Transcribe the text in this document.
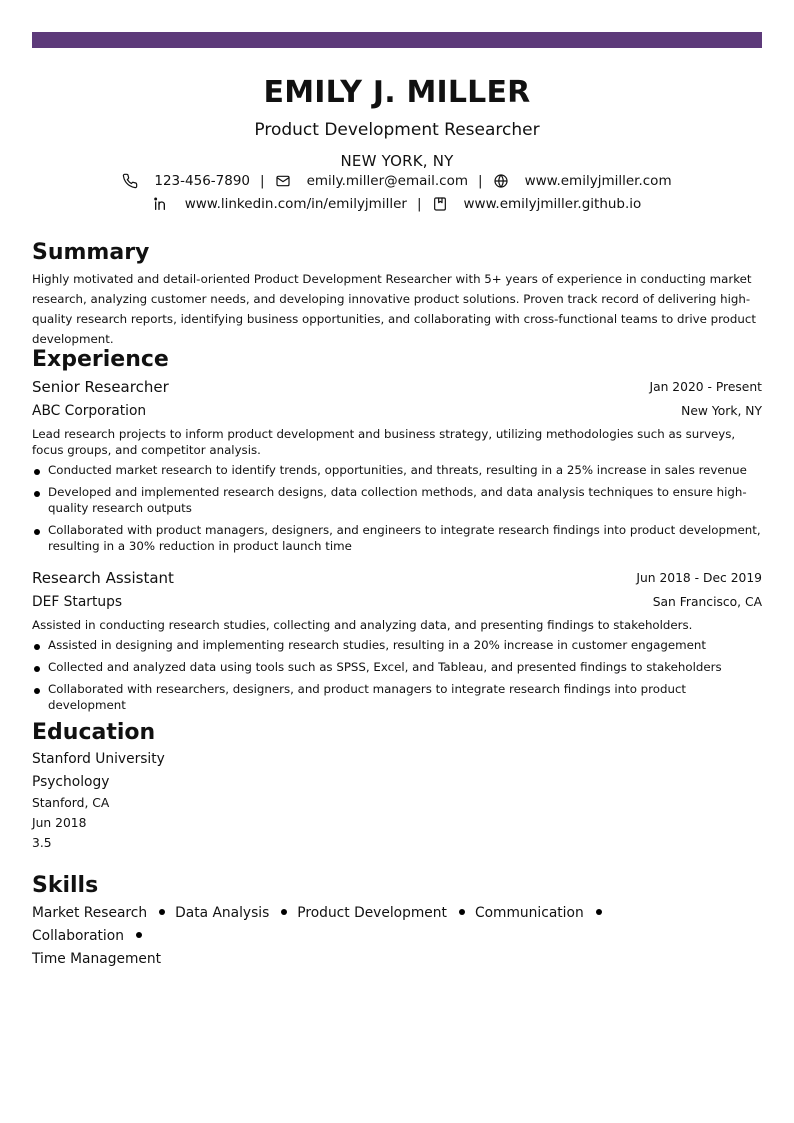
EMILY J. MILLER
Product Development Researcher
NEW YORK, NY
123-456-7890 |	emily.miller@email.com |	www.emilyjmiller.com
www.linkedin.com/in/emilyjmiller |	www.emilyjmiller.github.io
Summary
Highly motivated and detail-oriented Product Development Researcher with 5+ years of experience in conducting market research, analyzing customer needs, and developing innovative product solutions. Proven track record of delivering high-quality research reports, identifying business opportunities, and collaborating with cross-functional teams to drive product development.
Experience
Senior Researcher	Jan 2020 - Present
ABC Corporation	New York, NY
Lead research projects to inform product development and business strategy, utilizing methodologies such as surveys, focus groups, and competitor analysis.
Conducted market research to identify trends, opportunities, and threats, resulting in a 25% increase in sales revenue
Developed and implemented research designs, data collection methods, and data analysis techniques to ensure high-quality research outputs
Collaborated with product managers, designers, and engineers to integrate research findings into product development, resulting in a 30% reduction in product launch time
Research Assistant	Jun 2018 - Dec 2019
DEF Startups	San Francisco, CA
Assisted in conducting research studies, collecting and analyzing data, and presenting findings to stakeholders.
Assisted in designing and implementing research studies, resulting in a 20% increase in customer engagement
Collected and analyzed data using tools such as SPSS, Excel, and Tableau, and presented findings to stakeholders
Collaborated with researchers, designers, and product managers to integrate research findings into product development
Education
Stanford University
Psychology
Stanford, CA
Jun 2018
3.5
Skills
Market Research Data Analysis Product Development CommunicationCollaboration
Time Management
